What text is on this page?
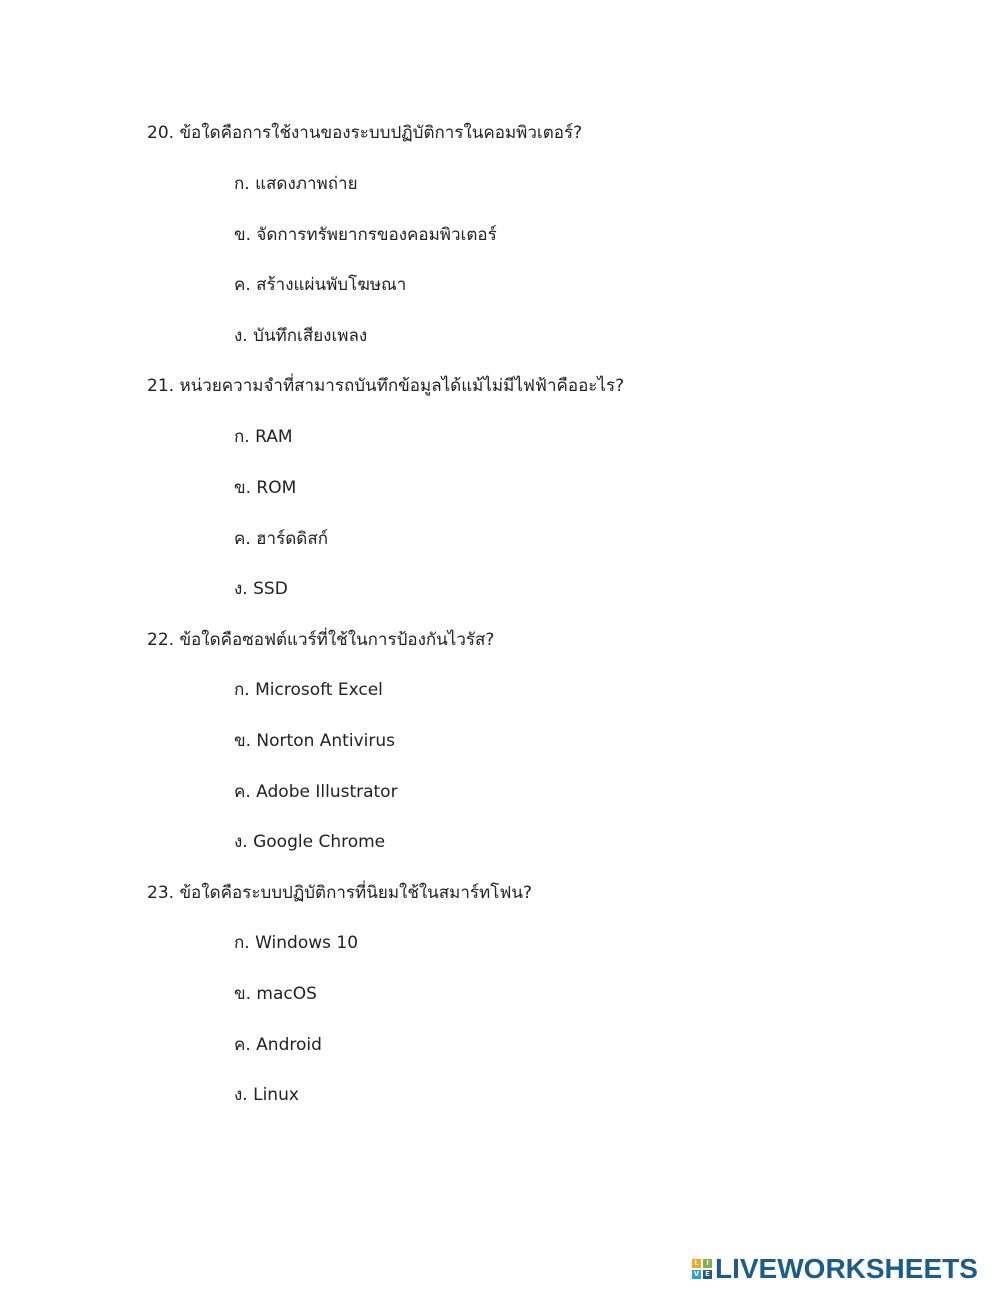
20. ข้อใดคือการใช้งานของระบบปฏิบัติการในคอมพิวเตอร์?
ก. แสดงภาพถ่าย
ข. จัดการทรัพยากรของคอมพิวเตอร์
ค. สร้างแผ่นพับโฆษณา
ง. บันทึกเสียงเพลง
21. หน่วยความจำที่สามารถบันทึกข้อมูลได้แม้ไม่มีไฟฟ้าคืออะไร?
ก. RAM
ข. ROM
ค. ฮาร์ดดิสก์
ง. SSD
22. ข้อใดคือซอฟต์แวร์ที่ใช้ในการป้องกันไวรัส?
ก. Microsoft Excel
ข. Norton Antivirus
ค. Adobe Illustrator
ง. Google Chrome
23. ข้อใดคือระบบปฏิบัติการที่นิยมใช้ในสมาร์ทโฟน?
ก. Windows 10
ข. macOS
ค. Android
ง. Linux
L	I
V E LIVEWORKSHEETS
